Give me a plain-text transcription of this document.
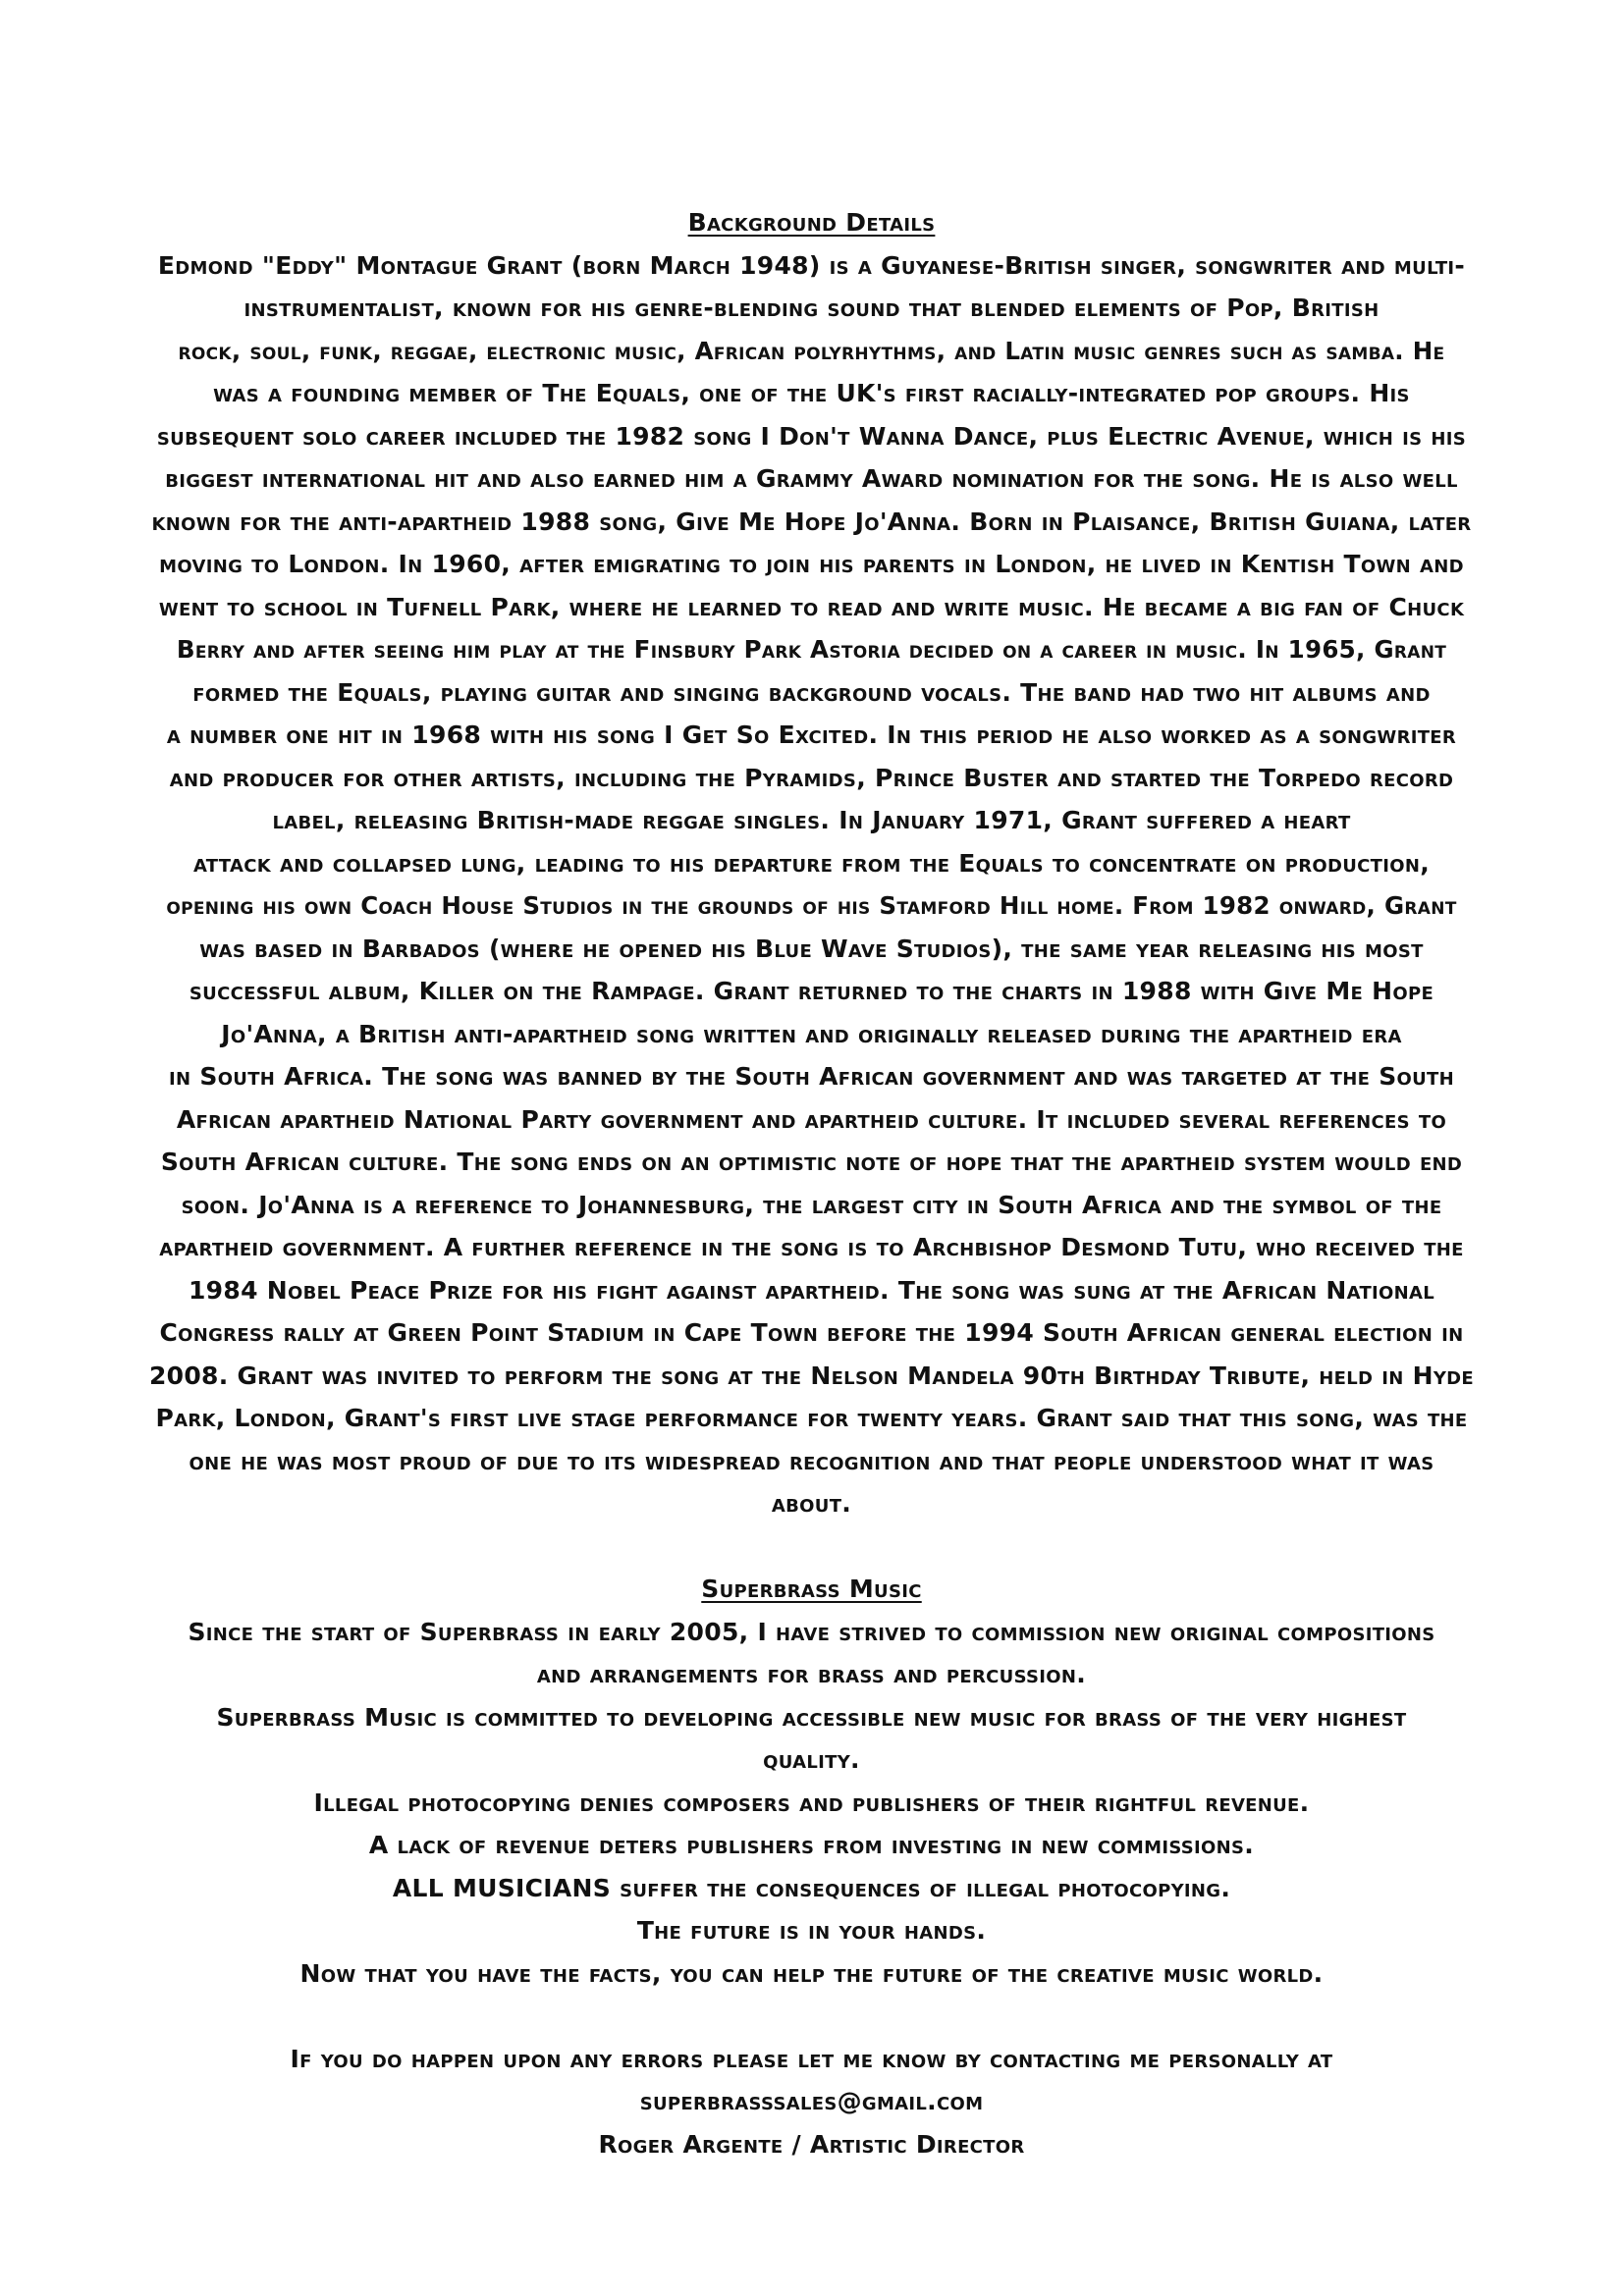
Background Details

Edmond "Eddy" Montague Grant (born March 1948) is a Guyanese-British singer, songwriter and multi-

instrumentalist, known for his genre-blending sound that blended elements of Pop, British

rock, soul, funk, reggae, electronic music, African polyrhythms, and Latin music genres such as samba. He

was a founding member of The Equals, one of the UK's first racially-integrated pop groups. His

subsequent solo career included the 1982 song I Don't Wanna Dance, plus Electric Avenue, which is his

biggest international hit and also earned him a Grammy Award nomination for the song. He is also well

known for the anti-apartheid 1988 song, Give Me Hope Jo'Anna. Born in Plaisance, British Guiana, later

moving to London. In 1960, after emigrating to join his parents in London, he lived in Kentish Town and

went to school in Tufnell Park, where he learned to read and write music. He became a big fan of Chuck

Berry and after seeing him play at the Finsbury Park Astoria decided on a career in music. In 1965, Grant

formed the Equals, playing guitar and singing background vocals. The band had two hit albums and

a number one hit in 1968 with his song I Get So Excited. In this period he also worked as a songwriter

and producer for other artists, including the Pyramids, Prince Buster and started the Torpedo record

label, releasing British-made reggae singles. In January 1971, Grant suffered a heart

attack and collapsed lung, leading to his departure from the Equals to concentrate on production,

opening his own Coach House Studios in the grounds of his Stamford Hill home. From 1982 onward, Grant

was based in Barbados (where he opened his Blue Wave Studios), the same year releasing his most

successful album, Killer on the Rampage. Grant returned to the charts in 1988 with Give Me Hope

Jo'Anna, a British anti-apartheid song written and originally released during the apartheid era

in South Africa. The song was banned by the South African government and was targeted at the South

African apartheid National Party government and apartheid culture. It included several references to

South African culture. The song ends on an optimistic note of hope that the apartheid system would end

soon. Jo'Anna is a reference to Johannesburg, the largest city in South Africa and the symbol of the

apartheid government. A further reference in the song is to Archbishop Desmond Tutu, who received the

1984 Nobel Peace Prize for his fight against apartheid. The song was sung at the African National

Congress rally at Green Point Stadium in Cape Town before the 1994 South African general election in

2008. Grant was invited to perform the song at the Nelson Mandela 90th Birthday Tribute, held in Hyde

Park, London, Grant's first live stage performance for twenty years. Grant said that this song, was the

one he was most proud of due to its widespread recognition and that people understood what it was

about.

Superbrass Music

Since the start of Superbrass in early 2005, I have strived to commission new original compositions

and arrangements for brass and percussion.

Superbrass Music is committed to developing accessible new music for brass of the very highest

quality.

Illegal photocopying denies composers and publishers of their rightful revenue.

A lack of revenue deters publishers from investing in new commissions.

ALL MUSICIANS suffer the consequences of illegal photocopying.

The future is in your hands.

Now that you have the facts, you can help the future of the creative music world.

If you do happen upon any errors please let me know by contacting me personally at

superbrasssales@gmail.com

Roger Argente / Artistic Director
